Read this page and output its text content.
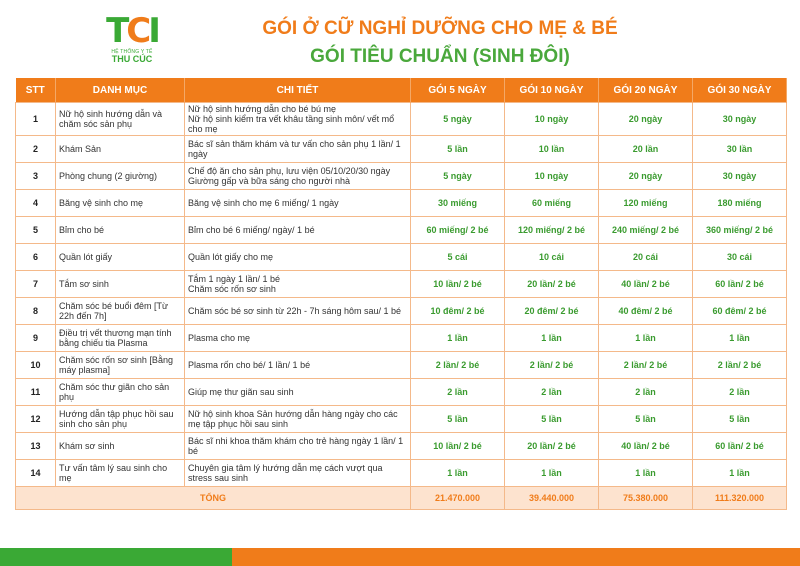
TCI
HỆ THỐNG Y TẾ
THU CÚC
GÓI Ở CỮ NGHỈ DƯỠNG CHO MẸ & BÉ
GÓI TIÊU CHUẨN (SINH ĐÔI)
STT	DANH MỤC	CHI TIẾT	GÓI 5 NGÀY	GÓI 10 NGÀY	GÓI 20 NGÀY	GÓI 30 NGÀY
1	Nữ hộ sinh hướng dẫn và chăm sóc sản phụ	Nữ hộ sinh hướng dẫn cho bé bú mẹ
Nữ hộ sinh kiểm tra vết khâu tầng sinh môn/ vết mổ cho mẹ	5 ngày	10 ngày	20 ngày	30 ngày
2	Khám Sản	Bác sĩ sản thăm khám và tư vấn cho sản phụ 1 lần/ 1 ngày	5 lần	10 lần	20 lần	30 lần
3	Phòng chung (2 giường)	Chế độ ăn cho sản phụ, lưu viện 05/10/20/30 ngày
Giường gấp và bữa sáng cho người nhà	5 ngày	10 ngày	20 ngày	30 ngày
4	Băng vệ sinh cho mẹ	Băng vệ sinh cho mẹ 6 miếng/ 1 ngày	30 miếng	60 miếng	120 miếng	180 miếng
5	Bỉm cho bé	Bỉm cho bé 6 miếng/ ngày/ 1 bé	60 miếng/ 2 bé	120 miếng/ 2 bé	240 miếng/ 2 bé	360 miếng/ 2 bé
6	Quần lót giấy	Quần lót giấy cho mẹ	5 cái	10 cái	20 cái	30 cái
7	Tắm sơ sinh	Tắm 1 ngày 1 lần/ 1 bé
Chăm sóc rốn sơ sinh	10 lần/ 2 bé	20 lần/ 2 bé	40 lần/ 2 bé	60 lần/ 2 bé
8	Chăm sóc bé buổi đêm [Từ 22h đến 7h]	Chăm sóc bé sơ sinh từ 22h - 7h sáng hôm sau/ 1 bé	10 đêm/ 2 bé	20 đêm/ 2 bé	40 đêm/ 2 bé	60 đêm/ 2 bé
9	Điều trị vết thương mạn tính bằng chiếu tia Plasma	Plasma cho mẹ	1 lần	1 lần	1 lần	1 lần
10	Chăm sóc rốn sơ sinh [Bằng máy plasma]	Plasma rốn cho bé/ 1 lần/ 1 bé	2 lần/ 2 bé	2 lần/ 2 bé	2 lần/ 2 bé	2 lần/ 2 bé
11	Chăm sóc thư giãn cho sản phụ	Giúp mẹ thư giãn sau sinh	2 lần	2 lần	2 lần	2 lần
12	Hướng dẫn tập phục hồi sau sinh cho sản phụ	Nữ hộ sinh khoa Sản hướng dẫn hàng ngày cho các mẹ tập phục hồi sau sinh	5 lần	5 lần	5 lần	5 lần
13	Khám sơ sinh	Bác sĩ nhi khoa thăm khám cho trẻ hàng ngày 1 lần/ 1 bé	10 lần/ 2 bé	20 lần/ 2 bé	40 lần/ 2 bé	60 lần/ 2 bé
14	Tư vấn tâm lý sau sinh cho mẹ	Chuyên gia tâm lý hướng dẫn mẹ cách vượt qua stress sau sinh	1 lần	1 lần	1 lần	1 lần
TỔNG			21.470.000	39.440.000	75.380.000	111.320.000
